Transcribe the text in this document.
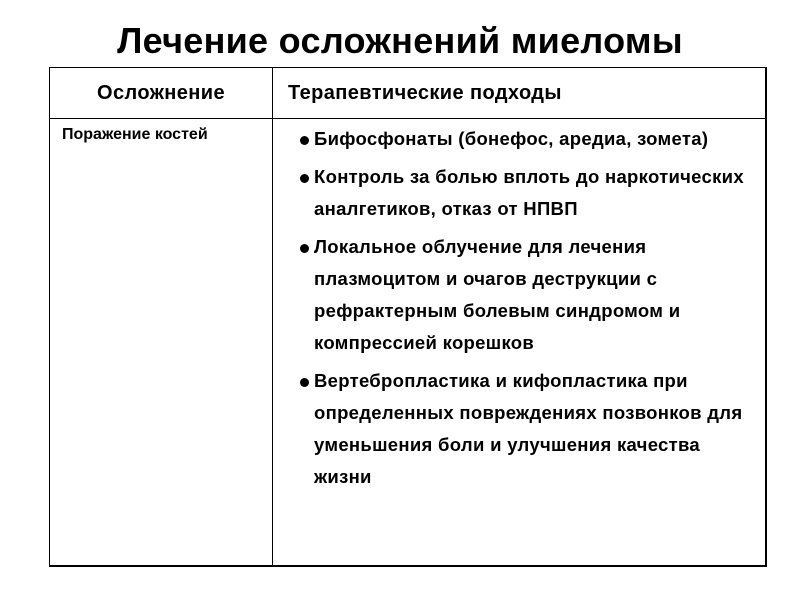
Лечение осложнений миеломы
Осложнение	Терапевтические подходы
Поражение костей	Бифосфонаты (бонефос, аредиа, зомета)
Контроль за болью вплоть до наркотических аналгетиков, отказ от НПВП
Локальное облучение для лечения плазмоцитом и очагов деструкции с рефрактерным болевым синдромом и компрессией корешков
Вертебропластика и кифопластика при определенных повреждениях позвонков для уменьшения боли и улучшения качества жизни
